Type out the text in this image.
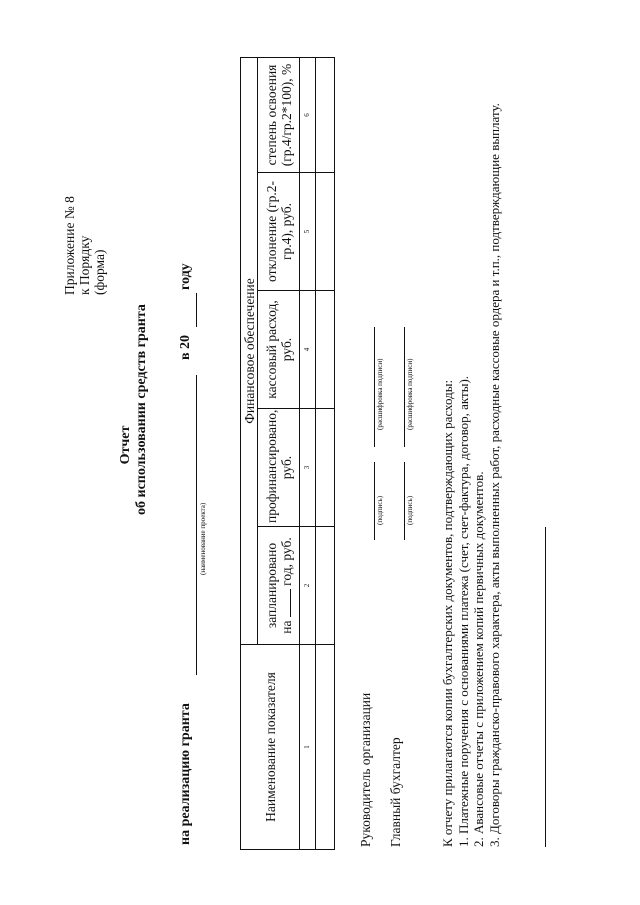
Приложение № 8 к Порядку (форма)
Отчет об использовании средств гранта
на реализацию гранта
(наименование проекта)
в 20
году
Наименование показателя	Финансовое обеспечение				

	запланировано на  год, руб.	профинансировано, руб.	кассовый расход, руб.	отклонение (гр.2-гр.4), руб.	степень освоения (гр.4/гр.2*100), %
1	2	3	4	5	6

Руководитель организации
(подпись)
(расшифровка подписи)
Главный бухгалтер
(подпись)
(расшифровка подписи) К отчету прилагаются копии бухгалтерских документов, подтверждающих расходы: 1. Платежные поручения с основаниями платежа (счет, счет-фактура, договор, акты). 2. Авансовые отчеты с приложением копий первичных документов. 3. Договоры гражданско-правового характера, акты выполненных работ, расходные кассовые ордера и т.п., подтверждающие выплату.
